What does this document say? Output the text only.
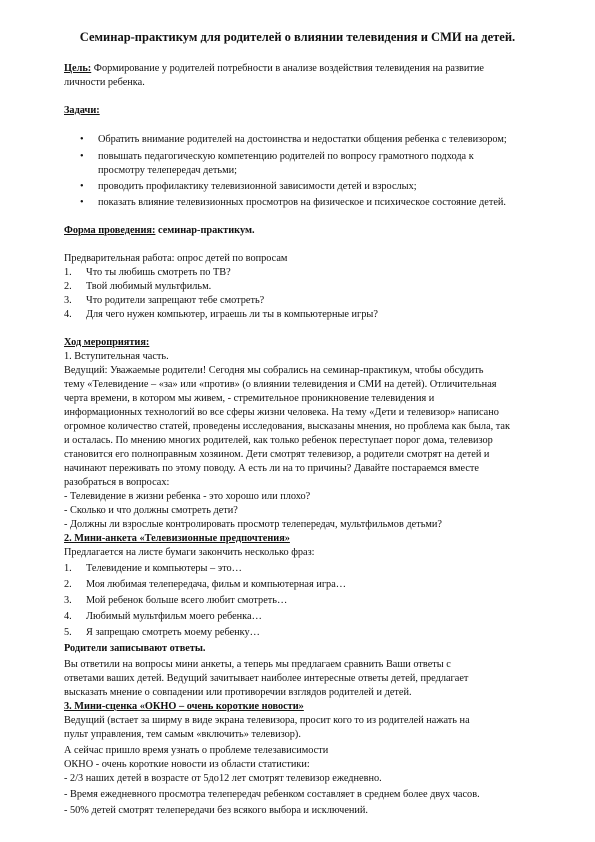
Семинар-практикум для родителей о влиянии телевидения и СМИ на детей.
Цель: Формирование у родителей потребности в анализе воздействия телевидения на развитие
личности ребенка.
Задачи:
• Обратить внимание родителей на достоинства и недостатки общения ребенка с телевизором;
• повышать педагогическую компетенцию родителей по вопросу грамотного подхода к
просмотру телепередач детьми;
• проводить профилактику телевизионной зависимости детей и взрослых;
• показать влияние телевизионных просмотров на физическое и психическое состояние детей.
Форма проведения: семинар-практикум.
Предварительная работа: опрос детей по вопросам
1. Что ты любишь смотреть по ТВ?
2. Твой любимый мультфильм.
3. Что родители запрещают тебе смотреть?
4. Для чего нужен компьютер, играешь ли ты в компьютерные игры?
Ход мероприятия:
1. Вступительная часть.
Ведущий: Уважаемые родители! Сегодня мы собрались на семинар-практикум, чтобы обсудить
тему «Телевидение – «за» или «против» (о влиянии телевидения и СМИ на детей). Отличительная
черта времени, в котором мы живем, - стремительное проникновение телевидения и
информационных технологий во все сферы жизни человека. На тему «Дети и телевизор» написано
огромное количество статей, проведены исследования, высказаны мнения, но проблема как была, так
и осталась. По мнению многих родителей, как только ребенок переступает порог дома, телевизор
становится его полноправным хозяином. Дети смотрят телевизор, а родители смотрят на детей и
начинают переживать по этому поводу. А есть ли на то причины? Давайте постараемся вместе
разобраться в вопросах:
- Телевидение в жизни ребенка - это хорошо или плохо?
- Сколько и что должны смотреть дети?
- Должны ли взрослые контролировать просмотр телепередач, мультфильмов детьми?
2. Мини-анкета «Телевизионные предпочтения»
Предлагается на листе бумаги закончить несколько фраз:
1. Телевидение и компьютеры – это…
2. Моя любимая телепередача, фильм и компьютерная игра…
3. Мой ребенок больше всего любит смотреть…
4. Любимый мультфильм моего ребенка…
5. Я запрещаю смотреть моему ребенку…
Родители записывают ответы.
Вы ответили на вопросы мини анкеты, а теперь мы предлагаем сравнить Ваши ответы с
ответами ваших детей. Ведущий зачитывает наиболее интересные ответы детей, предлагает
высказать мнение о совпадении или противоречии взглядов родителей и детей.
3. Мини-сценка «ОКНО – очень короткие новости»
Ведущий (встает за ширму в виде экрана телевизора, просит кого то из родителей нажать на
пульт управления, тем самым «включить» телевизор).
А сейчас пришло время узнать о проблеме телезависимости
ОКНО - очень короткие новости из области статистики:
- 2/3 наших детей в возрасте от 5до12 лет смотрят телевизор ежедневно.
- Время ежедневного просмотра телепередач ребенком составляет в среднем более двух часов.
- 50% детей смотрят телепередачи без всякого выбора и исключений.
